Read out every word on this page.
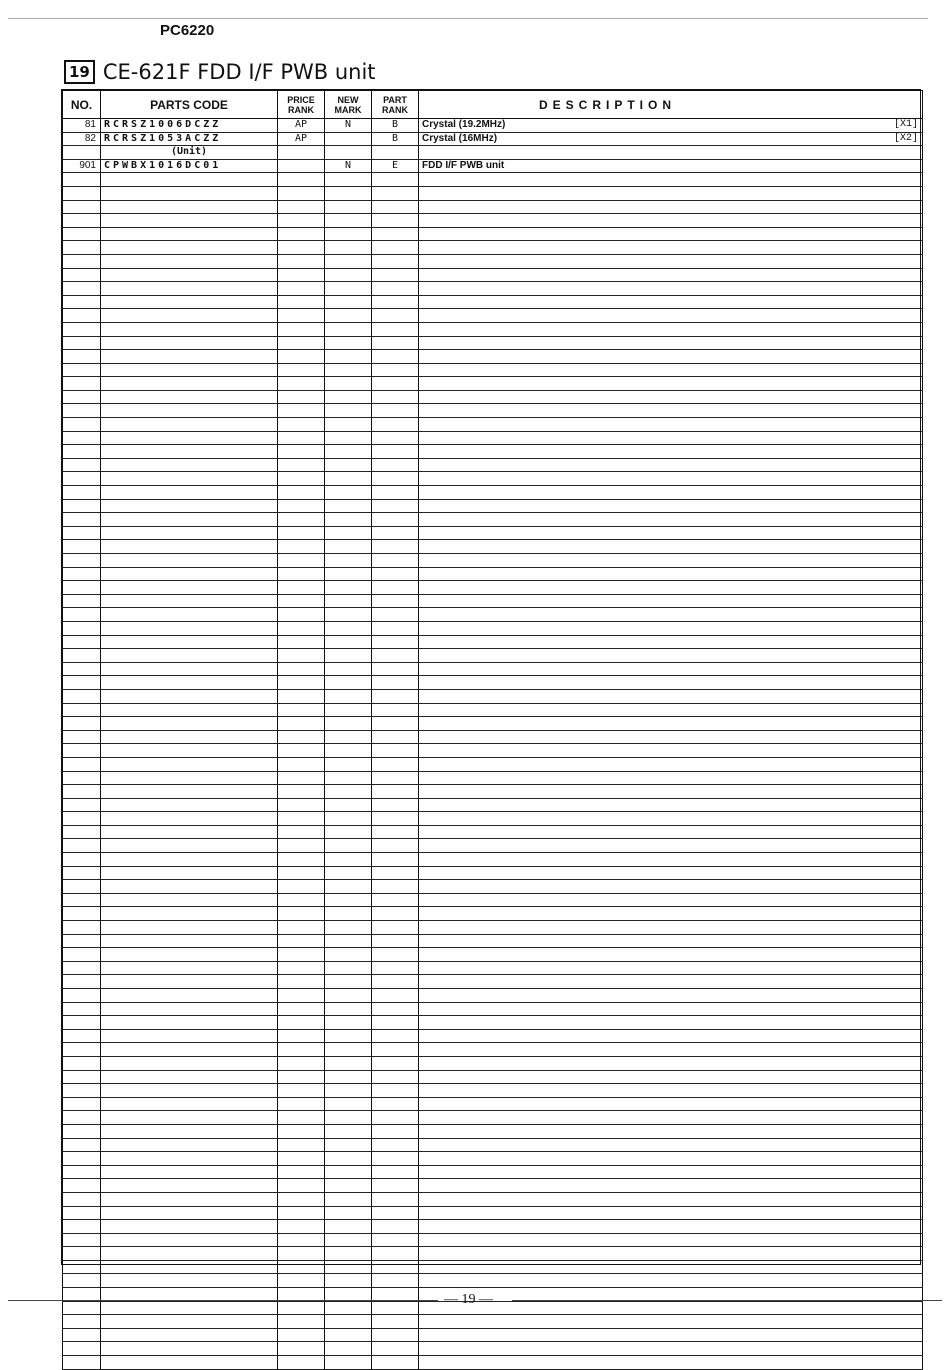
PC6220
19 CE-621F FDD I/F PWB unit
NO.	PARTS CODE	PRICE RANK	NEW MARK	PART RANK	DESCRIPTION
81	RCRSZ1006DCZZ	AP	N	B	Crystal (19.2MHz) [X1]

82	RCRSZ1053ACZZ	AP		B	Crystal (16MHz) [X2]

	(Unit)				

901	CPWBX1016DC01		N	E	FDD I/F PWB unit

— 19 —
